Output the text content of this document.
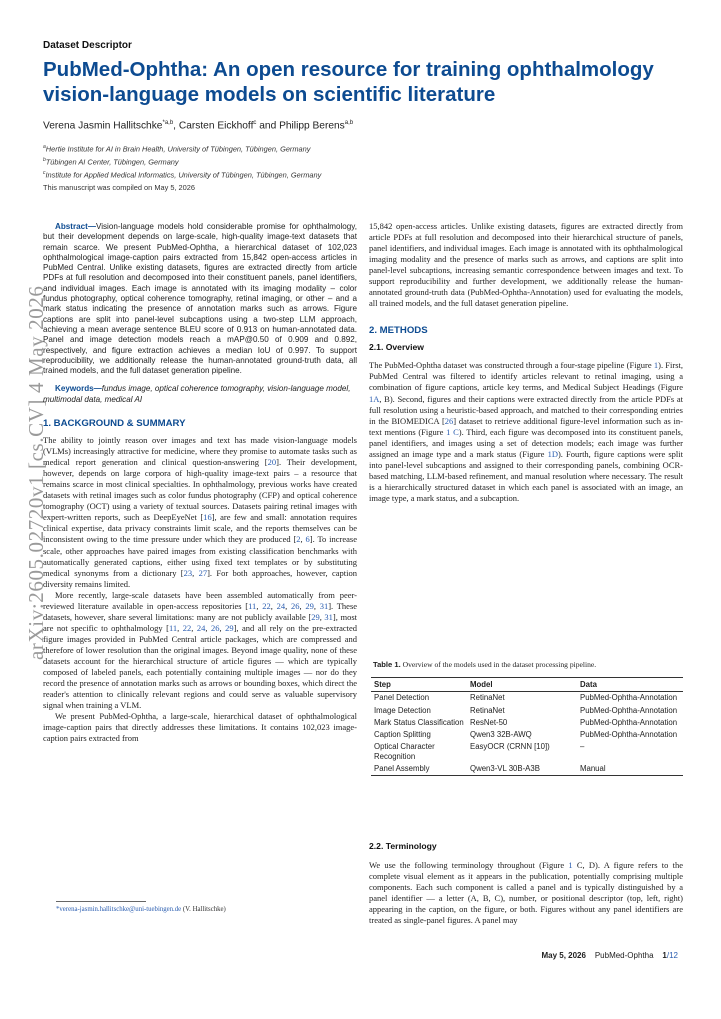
Dataset Descriptor
PubMed-Ophtha: An open resource for training ophthalmology vision-language models on scientific literature
Verena Jasmin Hallitschke$^{*a,b}$, Carsten Eickhoff$^c$ and Philipp Berens$^{a,b}$
$^a$Hertie Institute for AI in Brain Health, University of Tübingen, Tübingen, Germany
$^b$Tübingen AI Center, Tübingen, Germany
$^c$Institute for Applied Medical Informatics, University of Tübingen, Tübingen, Germany
This manuscript was compiled on May 5, 2026
arXiv:2605.02720v1 [cs.CV] 4 May 2026

Abstract—Vision-language models hold considerable promise for ophthalmology, but their development depends on large-scale, high-quality image-text datasets that remain scarce. We present PubMed-Ophtha, a hierarchical dataset of 102,023 ophthalmological image-caption pairs extracted from 15,842 open-access articles in PubMed Central. Unlike existing datasets, figures are extracted directly from article PDFs at full resolution and decomposed into their constituent panels, panel identifiers, and individual images. Each image is annotated with its imaging modality – color fundus photography, optical coherence tomography, retinal imaging, or other – and a mark status indicating the presence of annotation marks such as arrows. Figure captions are split into panel-level subcaptions using a two-step LLM approach, achieving a mean average sentence BLEU score of 0.913 on human-annotated data. Panel and image detection models reach a mAP@0.50 of 0.909 and 0.892, respectively, and figure extraction achieves a median IoU of 0.997. To support reproducibility, we additionally release the human-annotated ground-truth data, all trained models, and the full dataset generation pipeline.

Keywords—fundus image, optical coherence tomography, vision-language model, multimodal data, medical AI

1. BACKGROUND & SUMMARY

The ability to jointly reason over images and text has made vision-language models (VLMs) increasingly attractive for medicine, where they promise to automate tasks such as medical report generation and clinical question-answering [20]. Their development, however, depends on large corpora of high-quality image-text pairs – a resource that remains scarce in most clinical specialties. In ophthalmology, previous works have created datasets with retinal images such as color fundus photography (CFP) and optical coherence tomography (OCT) using a variety of textual sources. Datasets pairing retinal images with expert-written reports, such as DeepEyeNet [16], are few and small: annotation requires clinical expertise, data privacy constraints limit scale, and the reports themselves can be inconsistent owing to the time pressure under which they are produced [2, 6]. To increase scale, other approaches have paired images from existing classification benchmarks with automatically generated captions, either using fixed text templates or by substituting medical synonyms from a dictionary [23, 27]. For both approaches, however, caption diversity remains limited.

More recently, large-scale datasets have been assembled automatically from peer-reviewed literature available in open-access repositories [11, 22, 24, 26, 29, 31]. These datasets, however, share several limitations: many are not publicly available [29, 31], most are not specific to ophthalmology [11, 22, 24, 26, 29], and all rely on the pre-extracted figure images provided in PubMed Central article packages, which are compressed and therefore of lower resolution than the original images. Beyond image quality, none of these datasets account for the hierarchical structure of article figures — which are typically composed of labeled panels, each potentially containing multiple images — nor do they record the presence of annotation marks such as arrows or bounding boxes, which direct the reader's attention to clinically relevant regions and could serve as valuable supervisory signal when training a VLM.

We present PubMed-Ophtha, a large-scale, hierarchical dataset of ophthalmological image-caption pairs that directly addresses these limitations. It contains 102,023 image-caption pairs extracted from

*verena-jasmin.hallitschke@uni-tuebingen.de (V. Hallitschke)

15,842 open-access articles. Unlike existing datasets, figures are extracted directly from article PDFs at full resolution and decomposed into their hierarchical structure of panels, panel identifiers, and individual images. Each image is annotated with its ophthalmological imaging modality and the presence of marks such as arrows, and captions are split into panel-level subcaptions, increasing semantic correspondence between images and text. To support reproducibility and further development, we additionally release the human-annotated ground-truth data (PubMed-Ophtha-Annotation) used for evaluating the models, all trained models, and the full dataset generation pipeline.

2. METHODS

2.1. Overview

The PubMed-Ophtha dataset was constructed through a four-stage pipeline (Figure 1). First, PubMed Central was filtered to identify articles relevant to retinal imaging, using a combination of figure captions, article key terms, and Medical Subject Headings (Figure 1A, B). Second, figures and their captions were extracted directly from the article PDFs at full resolution using a heuristic-based approach, and matched to their corresponding entries in the BIOMEDICA [26] dataset to retrieve additional figure-level information such as in-text mentions (Figure 1 C). Third, each figure was decomposed into its constituent panels, panel identifiers, and images using a set of detection models; each image was further assigned an image type and a mark status (Figure 1D). Fourth, figure captions were split into panel-level subcaptions and assigned to their corresponding panels, combining OCR-based matching, LLM-based refinement, and manual resolution where necessary. The result is a hierarchically structured dataset in which each panel is associated with an image, an image type, a mark status, and a subcaption.

Table 1. Overview of the models used in the dataset processing pipeline.
Step	Model	Data
Panel Detection	RetinaNet	PubMed-Ophtha-Annotation
Image Detection	RetinaNet	PubMed-Ophtha-Annotation
Mark Status Classification	ResNet-50	PubMed-Ophtha-Annotation
Caption Splitting	Qwen3 32B-AWQ	PubMed-Ophtha-Annotation
Optical Character Recognition	EasyOCR (CRNN [10])	–
Panel Assembly	Qwen3-VL 30B-A3B	Manual

2.2. Terminology

We use the following terminology throughout (Figure 1 C, D). A figure refers to the complete visual element as it appears in the publication, potentially comprising multiple components. Each such component is called a panel and is typically distinguished by a panel identifier — a letter (A, B, C), number, or positional descriptor (top, left, right) appearing in the caption, on the figure, or both. Figures without any panel identifiers are treated as single-panel figures. A panel may

May 5, 2026 PubMed-Ophtha 1/12
